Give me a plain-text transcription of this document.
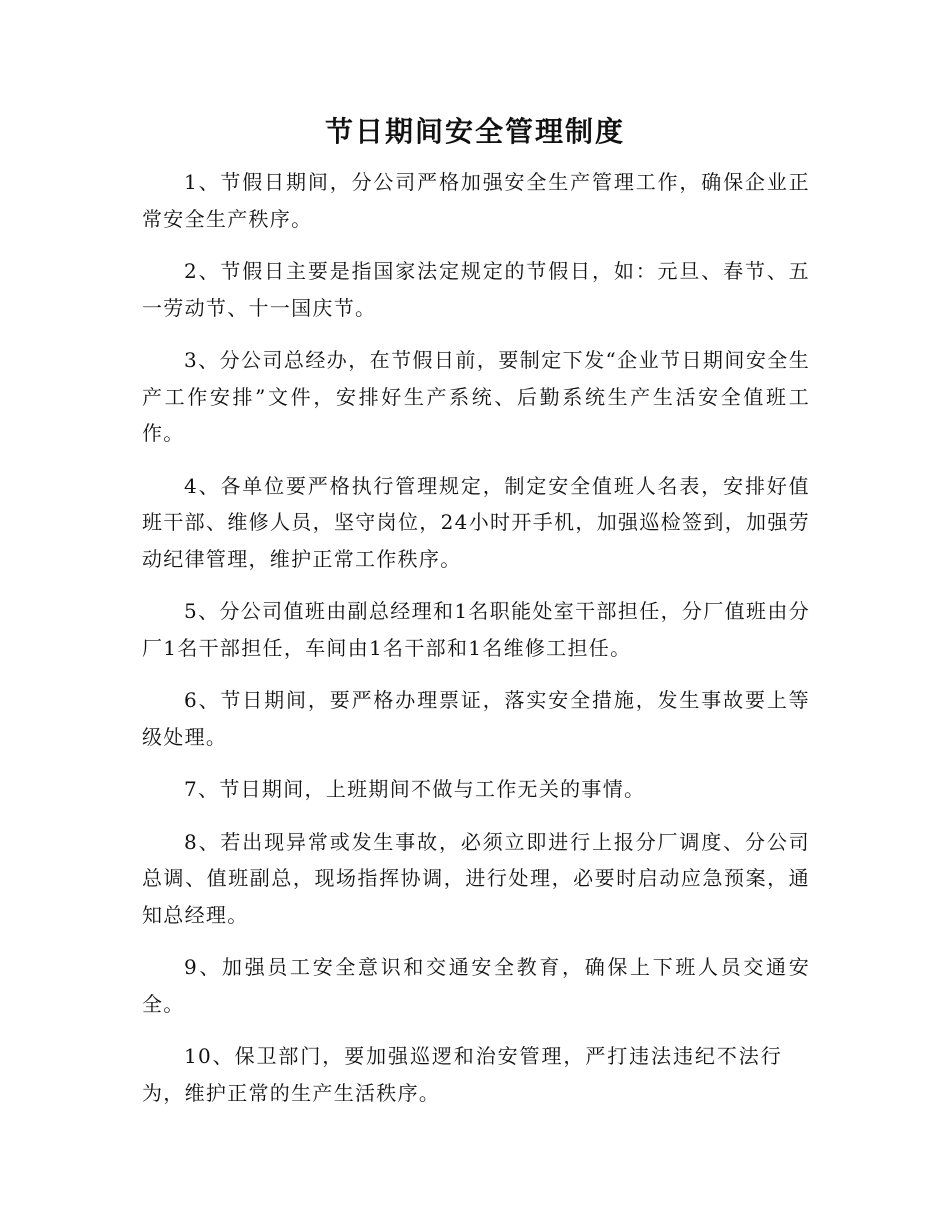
节日期间安全管理制度

1、节假日期间，分公司严格加强安全生产管理工作，确保企业正常安全生产秩序。

2、节假日主要是指国家法定规定的节假日，如：元旦、春节、五一劳动节、十一国庆节。

3、分公司总经办，在节假日前，要制定下发“企业节日期间安全生产工作安排”文件，安排好生产系统、后勤系统生产生活安全值班工作。

4、各单位要严格执行管理规定，制定安全值班人名表，安排好值班干部、维修人员，坚守岗位，24小时开手机，加强巡检签到，加强劳动纪律管理，维护正常工作秩序。

5、分公司值班由副总经理和1名职能处室干部担任，分厂值班由分厂1名干部担任，车间由1名干部和1名维修工担任。

6、节日期间，要严格办理票证，落实安全措施，发生事故要上等级处理。

7、节日期间，上班期间不做与工作无关的事情。

8、若出现异常或发生事故，必须立即进行上报分厂调度、分公司总调、值班副总，现场指挥协调，进行处理，必要时启动应急预案，通知总经理。

9、加强员工安全意识和交通安全教育，确保上下班人员交通安全。

10、保卫部门，要加强巡逻和治安管理，严打违法违纪不法行为，维护正常的生产生活秩序。
